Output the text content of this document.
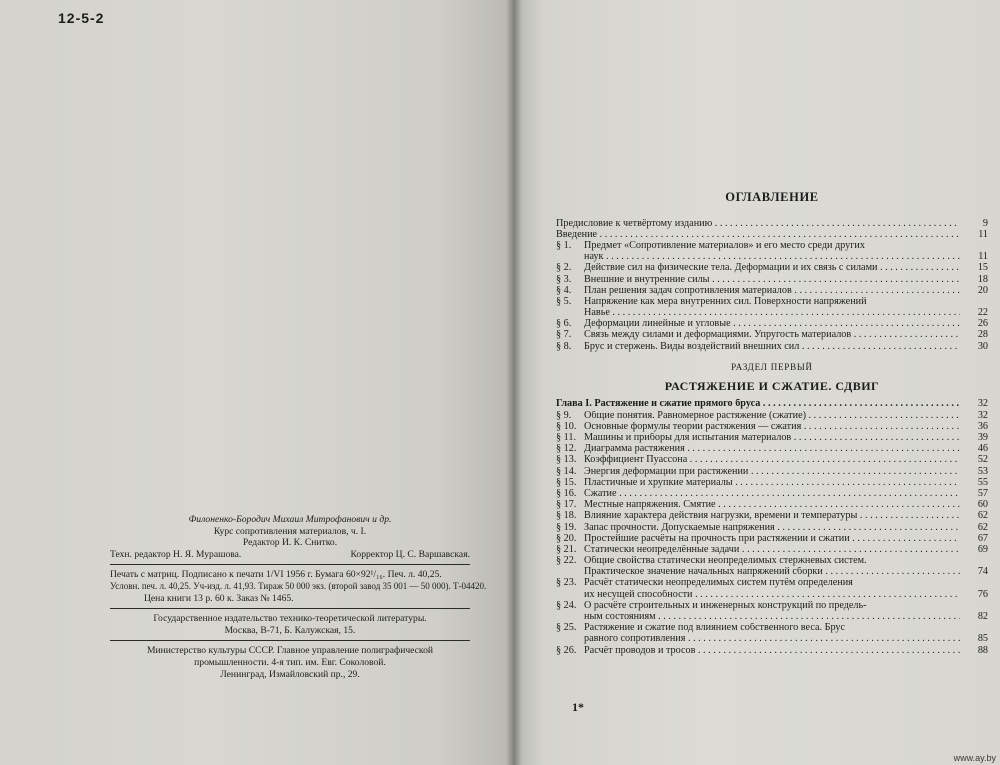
12-5-2
Филоненко-Бородич Михаил Митрофанович и др.
Курс сопротивления материалов, ч. I.
Редактор И. К. Снитко.
Техн. редактор Н. Я. Мурашова.	Корректор Ц. С. Варшавская.
Печать с матриц. Подписано к печати 1/VI 1956 г. Бумага 60×92¹/₁₆. Печ. л. 40,25.
Условн. печ. л. 40,25. Уч-изд. л. 41,93. Тираж 50 000 экз. (второй завод 35 001 — 50 000). Т-04420.
Цена книги 13 р. 60 к. Заказ № 1465.
Государственное издательство технико-теоретической литературы.
Москва, В-71, Б. Калужская, 15.
Министерство культуры СССР. Главное управление полиграфической
промышленности. 4-я тип. им. Евг. Соколовой.
Ленинград, Измайловский пр., 29.
ОГЛАВЛЕНИЕ
Предисловие к четвёртому изданию . . .	9
Введение . . .	11
§ 1.	Предмет «Сопротивление материалов» и его место среди других
наук . . .	11
§ 2.	Действие сил на физические тела. Деформации и их связь с силами . . .	15
§ 3.	Внешние и внутренние силы . . .	18
§ 4.	План решения задач сопротивления материалов . . .	20
§ 5.	Напряжение как мера внутренних сил. Поверхности напряжений
Навье . . .	22
§ 6.	Деформации линейные и угловые . . .	26
§ 7.	Связь между силами и деформациями. Упругость материалов . . .	28
§ 8.	Брус и стержень. Виды воздействий внешних сил . . .	30
РАЗДЕЛ ПЕРВЫЙ
РАСТЯЖЕНИЕ И СЖАТИЕ. СДВИГ
Глава I. Растяжение и сжатие прямого бруса . . .	32
§ 9.	Общие понятия. Равномерное растяжение (сжатие) . . .	32
§ 10. Основные формулы теории растяжения — сжатия . . .	36
§ 11. Машины и приборы для испытания материалов . . .	39
§ 12. Диаграмма растяжения . . .	46
§ 13. Коэффициент Пуассона . . .	52
§ 14. Энергия деформации при растяжении . . .	53
§ 15. Пластичные и хрупкие материалы . . .	55
§ 16. Сжатие . . .	57
§ 17. Местные напряжения. Смятие . . .	60
§ 18. Влияние характера действия нагрузки, времени и температуры . . .	62
§ 19. Запас прочности. Допускаемые напряжения . . .	62
§ 20. Простейшие расчёты на прочность при растяжении и сжатии . . .	67
§ 21. Статически неопределённые задачи . . .	69
§ 22. Общие свойства статически неопределимых стержневых систем.
Практическое значение начальных напряжений сборки . . .	74
§ 23. Расчёт статически неопределимых систем путём определения
их несущей способности . . .	76
§ 24. О расчёте строительных и инженерных конструкций по предель-
ным состояниям . . .	82
§ 25. Растяжение и сжатие под влиянием собственного веса. Брус
равного сопротивления . . .	85
§ 26. Расчёт проводов и тросов . . .	88
1*
www.ay.by
